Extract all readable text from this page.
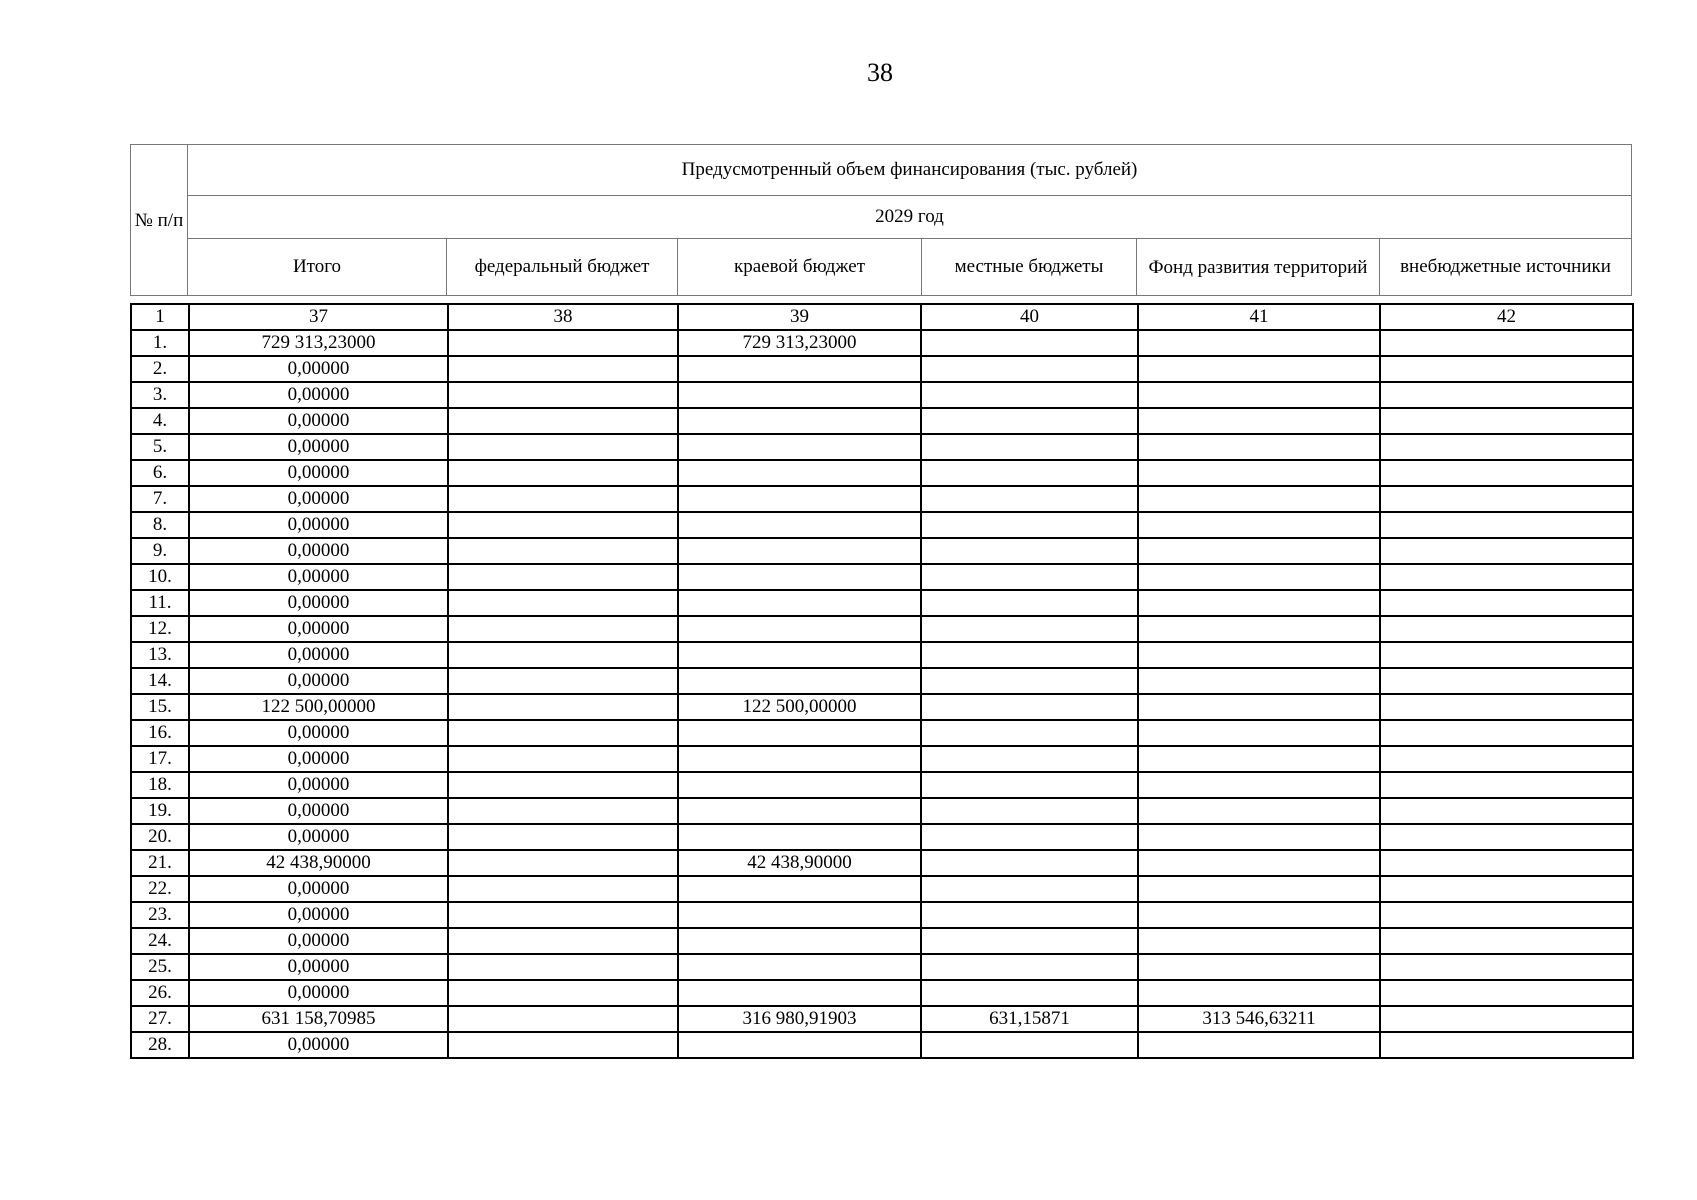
38
№ п/п	Предусмотренный объем финансирования (тыс. рублей)					
	2029 год					
	Итого	федеральный бюджет	краевой бюджет	местные бюджеты	Фонд развития территорий	внебюджетные источники
1	37	38	39	40	41	42
1.	729 313,23000		729 313,23000			
2.	0,00000					
3.	0,00000					
4.	0,00000					
5.	0,00000					
6.	0,00000					
7.	0,00000					
8.	0,00000					
9.	0,00000					
10.	0,00000					
11.	0,00000					
12.	0,00000					
13.	0,00000					
14.	0,00000					
15.	122 500,00000		122 500,00000			
16.	0,00000					
17.	0,00000					
18.	0,00000					
19.	0,00000					
20.	0,00000					
21.	42 438,90000		42 438,90000			
22.	0,00000					
23.	0,00000					
24.	0,00000					
25.	0,00000					
26.	0,00000					
27.	631 158,70985		316 980,91903	631,15871	313 546,63211	
28.	0,00000					
